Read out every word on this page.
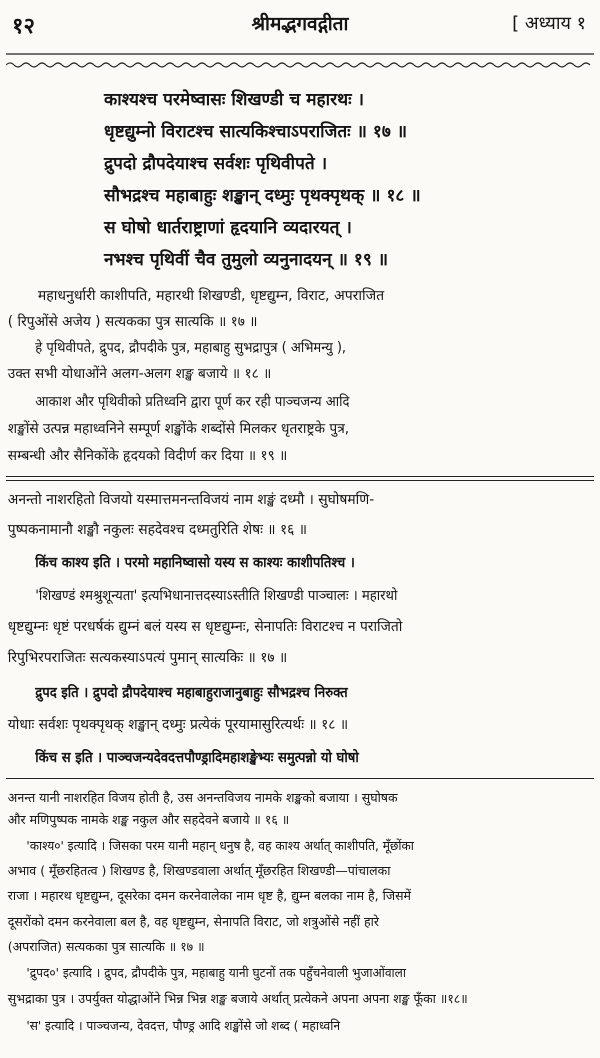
१२	श्रीमद्भगवद्गीता	[ अध्याय १
काश्यश्च परमेष्वासः शिखण्डी च महारथः ।
धृष्टद्युम्नो विराटश्च सात्यकिश्चाऽपराजितः ॥ १७ ॥
द्रुपदो द्रौपदेयाश्च सर्वशः पृथिवीपते ।
सौभद्रश्च महाबाहुः शङ्खान् दध्मुः पृथक्पृथक् ॥ १८ ॥
स घोषो धार्तराष्ट्राणां हृदयानि व्यदारयत् ।
नभश्च पृथिवीं चैव तुमुलो व्यनुनादयन् ॥ १९ ॥
महाधनुर्धारी काशीपति, महारथी शिखण्डी, धृष्टद्युम्न, विराट, अपराजित
( रिपुओंसे अजेय ) सत्यकका पुत्र सात्यकि ॥ १७ ॥
हे पृथिवीपते, द्रुपद, द्रौपदीके पुत्र, महाबाहु सुभद्रापुत्र ( अभिमन्यु ),
उक्त सभी योधाओंने अलग-अलग शङ्ख बजाये ॥ १८ ॥
आकाश और पृथिवीको प्रतिध्वनि द्वारा पूर्ण कर रही पाञ्चजन्य आदि
शङ्खोंसे उत्पन्न महाध्वनिने सम्पूर्ण शङ्खोंके शब्दोंसे मिलकर धृतराष्ट्रके पुत्र,
सम्बन्धी और सैनिकोंके हृदयको विदीर्ण कर दिया ॥ १९ ॥
अनन्तो नाशरहितो विजयो यस्मात्तमनन्तविजयं नाम शङ्खं दध्मौ । सुघोषमणि-
पुष्पकनामानौ शङ्खौ नकुलः सहदेवश्च दध्मतुरिति शेषः ॥ १६ ॥
किंच काश्य इति । परमो महानिष्वासो यस्य स काश्यः काशीपतिश्च ।
'शिखण्डं श्मश्रुशून्यता' इत्यभिधानात्तदस्याऽस्तीति शिखण्डी पाञ्चालः । महारथो
धृष्टद्युम्नः धृष्टं परधर्षकं द्युम्नं बलं यस्य स धृष्टद्युम्नः, सेनापतिः विराटश्च न पराजितो
रिपुभिरपराजितः सत्यकस्याऽपत्यं पुमान् सात्यकिः ॥ १७ ॥
द्रुपद इति । द्रुपदो द्रौपदेयाश्च महाबाहुराजानुबाहुः सौभद्रश्च निरुक्त
योधाः सर्वशः पृथक्पृथक् शङ्खान् दध्मुः प्रत्येकं पूरयामासुरित्यर्थः ॥ १८ ॥
किंच स इति । पाञ्चजन्यदेवदत्तपौण्ड्रादिमहाशङ्खेभ्यः समुत्पन्नो यो घोषो
अनन्त यानी नाशरहित विजय होती है, उस अनन्तविजय नामके शङ्खको बजाया । सुघोषक
और मणिपुष्पक नामके शङ्ख नकुल और सहदेवने बजाये ॥ १६ ॥
'काश्य०' इत्यादि । जिसका परम यानी महान् धनुष है, वह काश्य अर्थात् काशीपति, मूँछोंका
अभाव ( मूँछरहितत्व ) शिखण्ड है, शिखण्डवाला अर्थात् मूँछरहित शिखण्डी—पांचालका
राजा । महारथ धृष्टद्युम्न, दूसरेका दमन करनेवालेका नाम धृष्ट है, द्युम्न बलका नाम है, जिसमें
दूसरोंको दमन करनेवाला बल है, वह धृष्टद्युम्न, सेनापति विराट, जो शत्रुओंसे नहीं हारे
(अपराजित) सत्यकका पुत्र सात्यकि ॥ १७ ॥
'द्रुपद०' इत्यादि । द्रुपद, द्रौपदीके पुत्र, महाबाहु यानी घुटनों तक पहुँचनेवाली भुजाओंवाला
सुभद्राका पुत्र । उपर्युक्त योद्धाओंने भिन्न भिन्न शङ्ख बजाये अर्थात् प्रत्येकने अपना अपना शङ्ख फूँका ॥१८॥
'स' इत्यादि । पाञ्चजन्य, देवदत्त, पौण्ड्र आदि शङ्खोंसे जो शब्द ( महाध्वनि
